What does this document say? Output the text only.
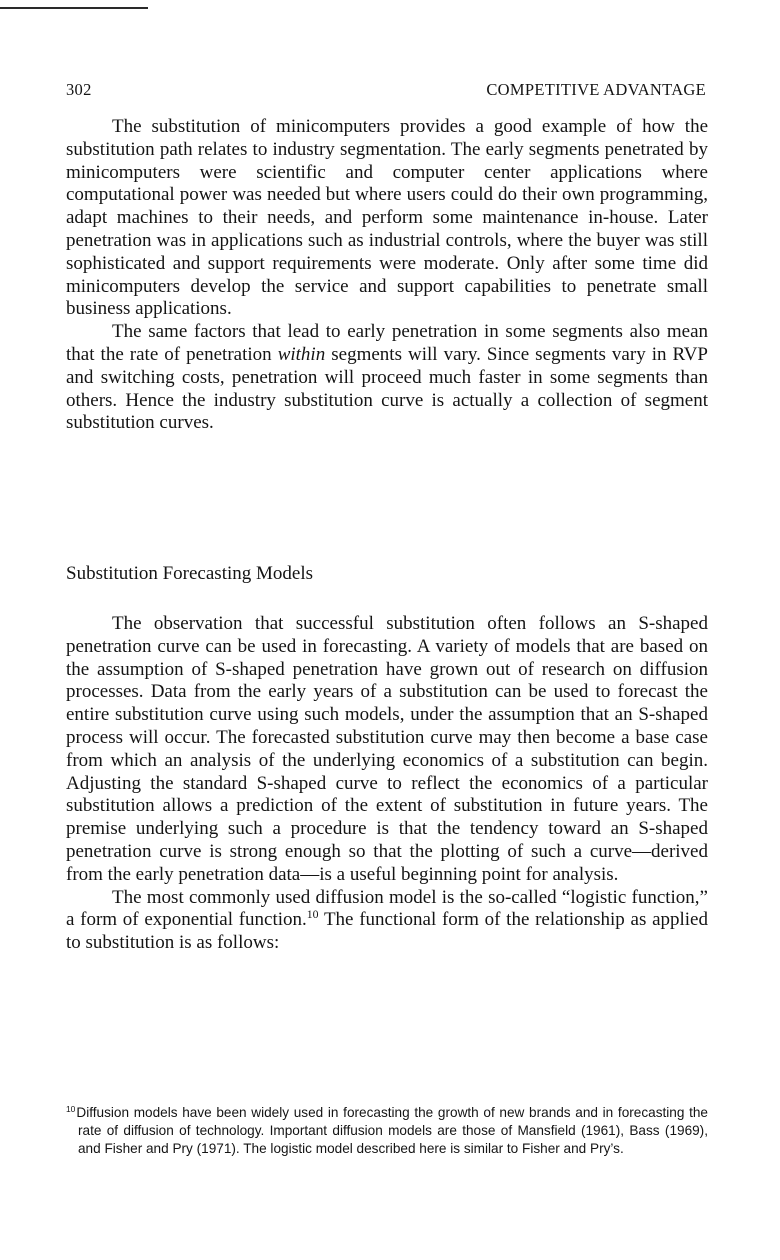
302	COMPETITIVE ADVANTAGE

The substitution of minicomputers provides a good example of how the substitution path relates to industry segmentation. The early segments penetrated by minicomputers were scientific and computer center applications where computational power was needed but where users could do their own programming, adapt machines to their needs, and perform some maintenance in-house. Later penetration was in applications such as industrial controls, where the buyer was still sophisticated and support requirements were moderate. Only after some time did minicomputers develop the service and support capabilities to penetrate small business applications.

The same factors that lead to early penetration in some segments also mean that the rate of penetration within segments will vary. Since segments vary in RVP and switching costs, penetration will proceed much faster in some segments than others. Hence the industry substitution curve is actually a collection of segment substitution curves.

Substitution Forecasting Models

The observation that successful substitution often follows an S-shaped penetration curve can be used in forecasting. A variety of models that are based on the assumption of S-shaped penetration have grown out of research on diffusion processes. Data from the early years of a substitution can be used to forecast the entire substitution curve using such models, under the assumption that an S-shaped process will occur. The forecasted substitution curve may then become a base case from which an analysis of the underlying economics of a substitution can begin. Adjusting the standard S-shaped curve to reflect the economics of a particular substitution allows a prediction of the extent of substitution in future years. The premise underlying such a procedure is that the tendency toward an S-shaped penetration curve is strong enough so that the plotting of such a curve—derived from the early penetration data—is a useful beginning point for analysis.

The most commonly used diffusion model is the so-called “logistic function,” a form of exponential function.$^{10}$ The functional form of the relationship as applied to substitution is as follows:

$^{10}$Diffusion models have been widely used in forecasting the growth of new brands and in forecasting the rate of diffusion of technology. Important diffusion models are those of Mansfield (1961), Bass (1969), and Fisher and Pry (1971). The logistic model described here is similar to Fisher and Pry’s.
